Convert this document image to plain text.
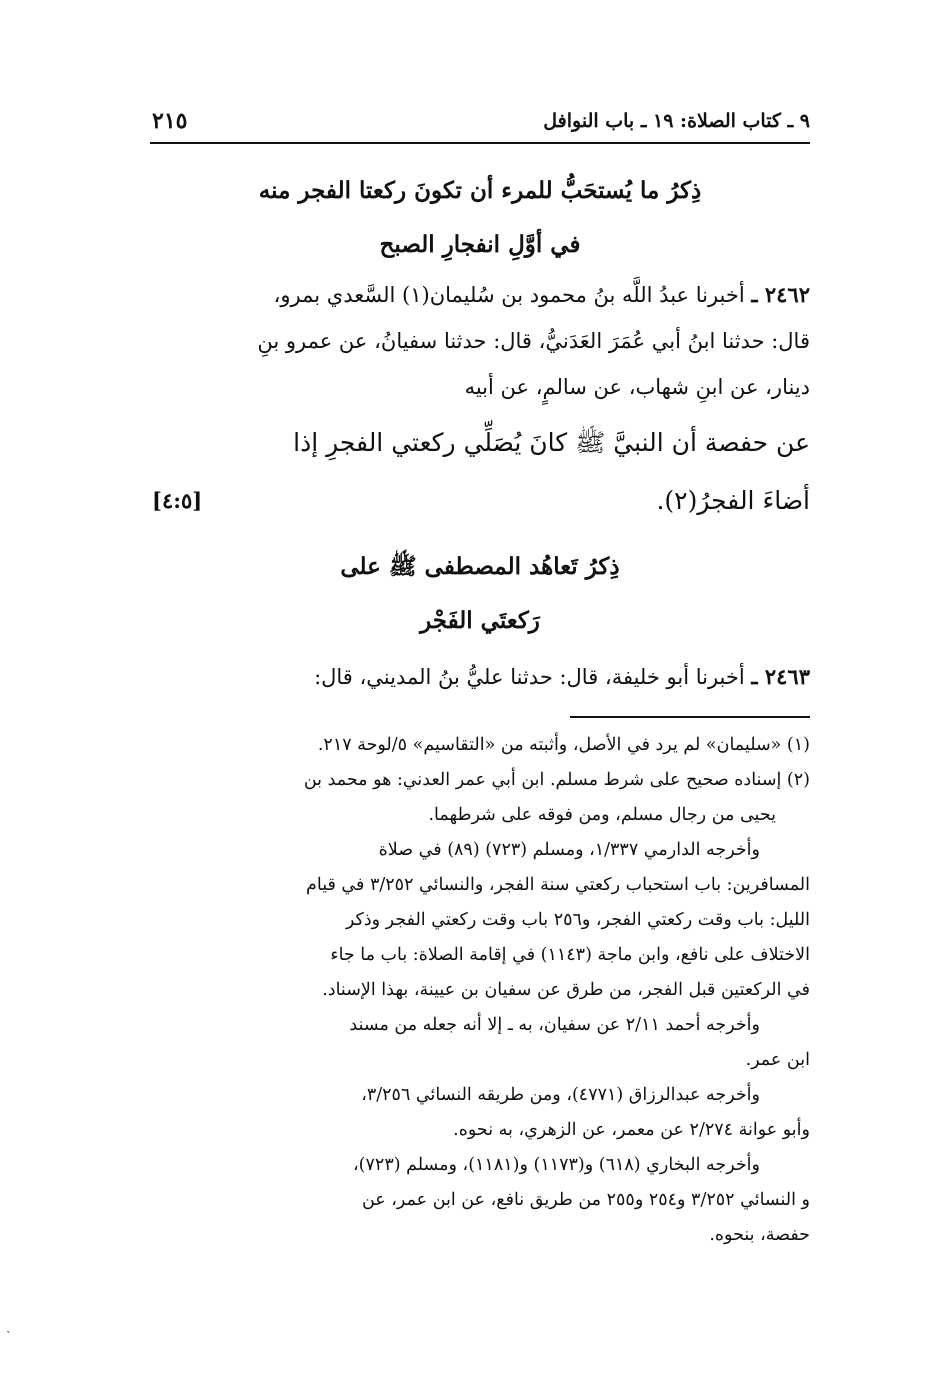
٩ ـ كتاب الصلاة: ١٩ ـ باب النوافل
٢١٥
ذِكرُ ما يُستحَبُّ للمرء أن تكونَ ركعتا الفجر منه
في أوَّلِ انفجارِ الصبح

٢٤٦٢ ـ أخبرنا عبدُ اللَّه بنُ محمود بن سُليمان(١) السَّعدي بمرو،

قال: حدثنا ابنُ أبي عُمَرَ العَدَنيُّ، قال: حدثنا سفيانُ، عن عمرو بنِ

دينار، عن ابنِ شهاب، عن سالمٍ، عن أبيه

عن حفصة أن النبيَّ ﷺ كانَ يُصَلِّي ركعتي الفجرِ إذا

أضاءَ الفجرُ(٢).
[٤:٥]

ذِكرُ تَعاهُد المصطفى ﷺ على
رَكعتَي الفَجْر

٢٤٦٣ ـ أخبرنا أبو خليفة، قال: حدثنا عليُّ بنُ المديني، قال:

(١) «سليمان» لم يرد في الأصل، وأثبته من «التقاسيم» ٥/لوحة ٢١٧.

(٢) إسناده صحيح على شرط مسلم. ابن أبي عمر العدني: هو محمد بن

يحيى من رجال مسلم، ومن فوقه على شرطهما.

وأخرجه الدارمي ١/٣٣٧، ومسلم (٧٢٣) (٨٩) في صلاة

المسافرين: باب استحباب ركعتي سنة الفجر، والنسائي ٣/٢٥٢ في قيام

الليل: باب وقت ركعتي الفجر، و٢٥٦ باب وقت ركعتي الفجر وذكر

الاختلاف على نافع، وابن ماجة (١١٤٣) في إقامة الصلاة: باب ما جاء

في الركعتين قبل الفجر، من طرق عن سفيان بن عيينة، بهذا الإسناد.

وأخرجه أحمد ٢/١١ عن سفيان، به ـ إلا أنه جعله من مسند

ابن عمر.

وأخرجه عبدالرزاق (٤٧٧١)، ومن طريقه النسائي ٣/٢٥٦،

وأبو عوانة ٢/٢٧٤ عن معمر، عن الزهري، به نحوه.

وأخرجه البخاري (٦١٨) و(١١٧٣) و(١١٨١)، ومسلم (٧٢٣)،

و النسائي ٣/٢٥٢ و٢٥٤ و٢٥٥ من طريق نافع، عن ابن عمر، عن

حفصة، بنحوه.

ˎ
